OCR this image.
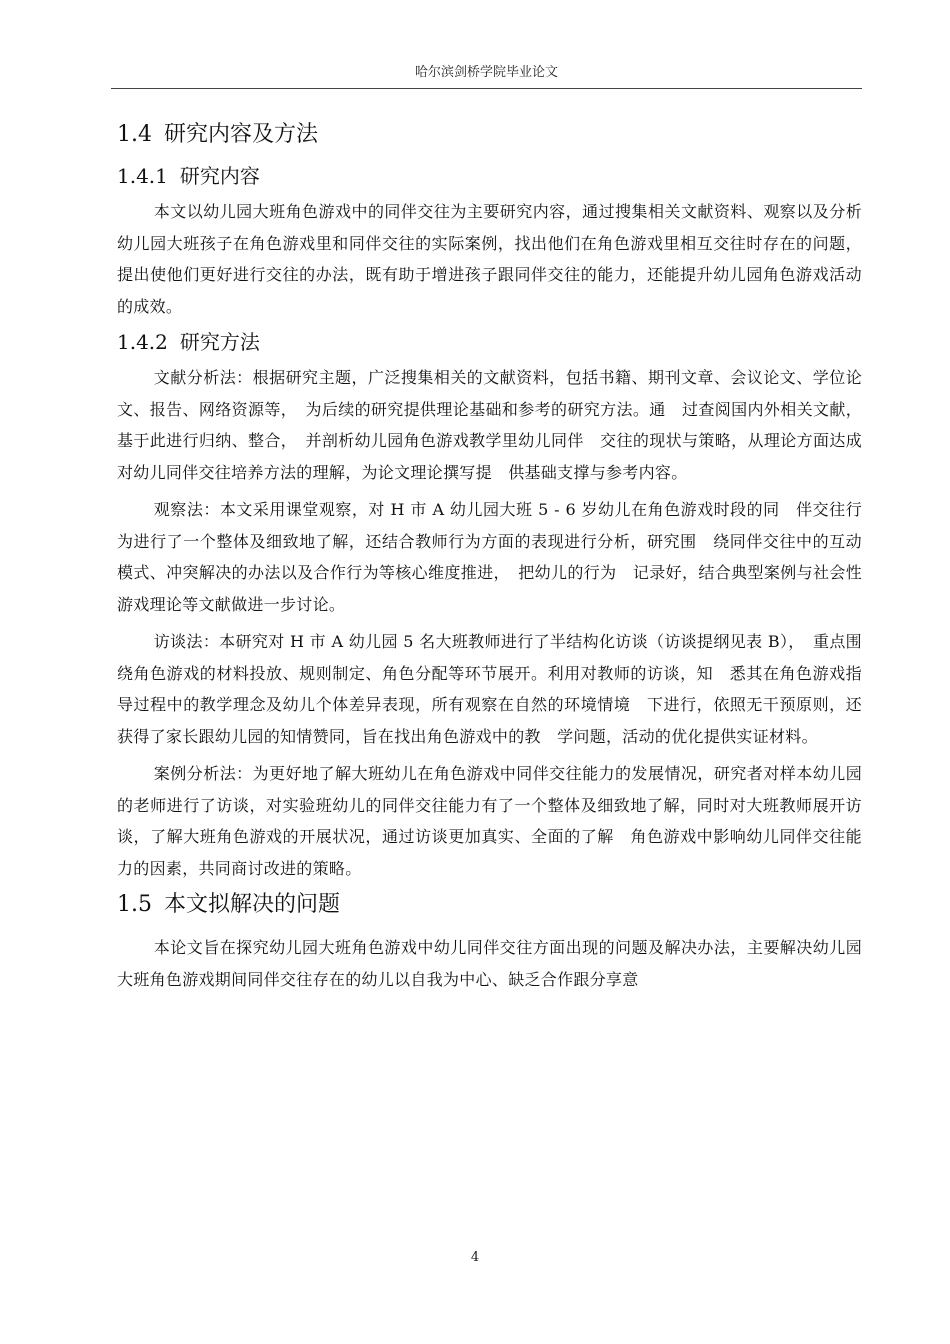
哈尔滨剑桥学院毕业论文
1.4 研究内容及方法
1.4.1 研究内容

本文以幼儿园大班角色游戏中的同伴交往为主要研究内容，通过搜集相关文献资料、观察以及分析幼儿园大班孩子在角色游戏里和同伴交往的实际案例，找出他们在角色游戏里相互交往时存在的问题，提出使他们更好进行交往的办法，既有助于增进孩子跟同伴交往的能力，还能提升幼儿园角色游戏活动的成效。

1.4.2 研究方法

文献分析法：根据研究主题，广泛搜集相关的文献资料，包括书籍、期刊文章、会议论文、学位论文、报告、网络资源等，　为后续的研究提供理论基础和参考的研究方法。通　过查阅国内外相关文献，基于此进行归纳、整合，　并剖析幼儿园角色游戏教学里幼儿同伴　交往的现状与策略，从理论方面达成对幼儿同伴交往培养方法的理解，为论文理论撰写提　供基础支撑与参考内容。

观察法：本文采用课堂观察，对 H 市 A 幼儿园大班 5 - 6 岁幼儿在角色游戏时段的同　伴交往行为进行了一个整体及细致地了解，还结合教师行为方面的表现进行分析，研究围　绕同伴交往中的互动模式、冲突解决的办法以及合作行为等核心维度推进，　把幼儿的行为　记录好，结合典型案例与社会性游戏理论等文献做进一步讨论。

访谈法：本研究对 H 市 A 幼儿园 5 名大班教师进行了半结构化访谈（访谈提纲见表 B），　重点围绕角色游戏的材料投放、规则制定、角色分配等环节展开。利用对教师的访谈，知　悉其在角色游戏指导过程中的教学理念及幼儿个体差异表现，所有观察在自然的环境情境　下进行，依照无干预原则，还获得了家长跟幼儿园的知情赞同，旨在找出角色游戏中的教　学问题，活动的优化提供实证材料。

案例分析法：为更好地了解大班幼儿在角色游戏中同伴交往能力的发展情况，研究者对样本幼儿园的老师进行了访谈，对实验班幼儿的同伴交往能力有了一个整体及细致地了解，同时对大班教师展开访谈，了解大班角色游戏的开展状况，通过访谈更加真实、全面的了解　角色游戏中影响幼儿同伴交往能力的因素，共同商讨改进的策略。

1.5 本文拟解决的问题

本论文旨在探究幼儿园大班角色游戏中幼儿同伴交往方面出现的问题及解决办法，主要解决幼儿园大班角色游戏期间同伴交往存在的幼儿以自我为中心、缺乏合作跟分享意

4
